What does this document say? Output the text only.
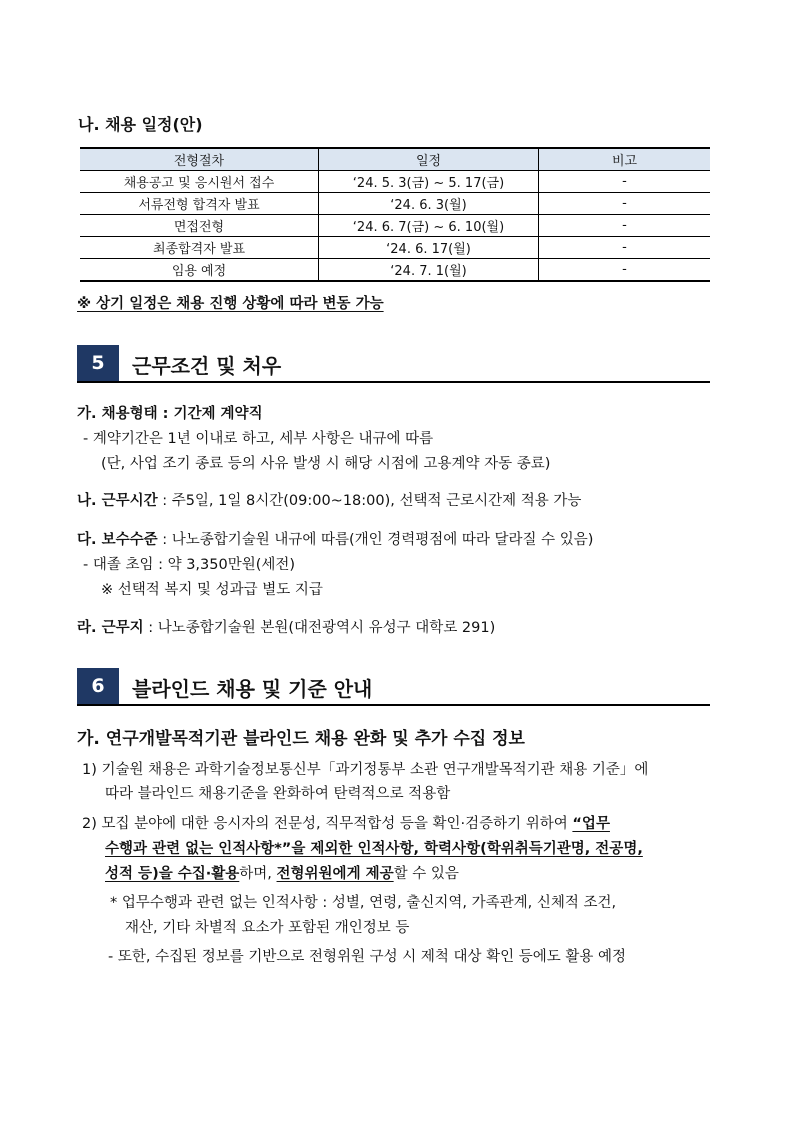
나. 채용 일정(안)
전형절차	일정	비고
채용공고 및 응시원서 접수	‘24. 5. 3(금) ~ 5. 17(금)	-
서류전형 합격자 발표	‘24. 6. 3(월)	-
면접전형	‘24. 6. 7(금) ~ 6. 10(월)	-
최종합격자 발표	‘24. 6. 17(월)	-
임용 예정	‘24. 7. 1(월)	-
※ 상기 일정은 채용 진행 상황에 따라 변동 가능
5	근무조건 및 처우
가. 채용형태 : 기간제 계약직
- 계약기간은 1년 이내로 하고, 세부 사항은 내규에 따름
(단, 사업 조기 종료 등의 사유 발생 시 해당 시점에 고용계약 자동 종료)
나. 근무시간 : 주5일, 1일 8시간(09:00~18:00), 선택적 근로시간제 적용 가능
다. 보수수준 : 나노종합기술원 내규에 따름(개인 경력평점에 따라 달라질 수 있음)
- 대졸 초임 : 약 3,350만원(세전)
※ 선택적 복지 및 성과급 별도 지급
라. 근무지 : 나노종합기술원 본원(대전광역시 유성구 대학로 291)
6	블라인드 채용 및 기준 안내
가. 연구개발목적기관 블라인드 채용 완화 및 추가 수집 정보
1) 기술원 채용은 과학기술정보통신부「과기정통부 소관 연구개발목적기관 채용 기준」에
따라 블라인드 채용기준을 완화하여 탄력적으로 적용함
2) 모집 분야에 대한 응시자의 전문성, 직무적합성 등을 확인·검증하기 위하여 “업무
수행과 관련 없는 인적사항*”을 제외한 인적사항, 학력사항(학위취득기관명, 전공명,
성적 등)을 수집·활용하며, 전형위원에게 제공할 수 있음
* 업무수행과 관련 없는 인적사항 : 성별, 연령, 출신지역, 가족관계, 신체적 조건,
재산, 기타 차별적 요소가 포함된 개인정보 등
- 또한, 수집된 정보를 기반으로 전형위원 구성 시 제척 대상 확인 등에도 활용 예정
